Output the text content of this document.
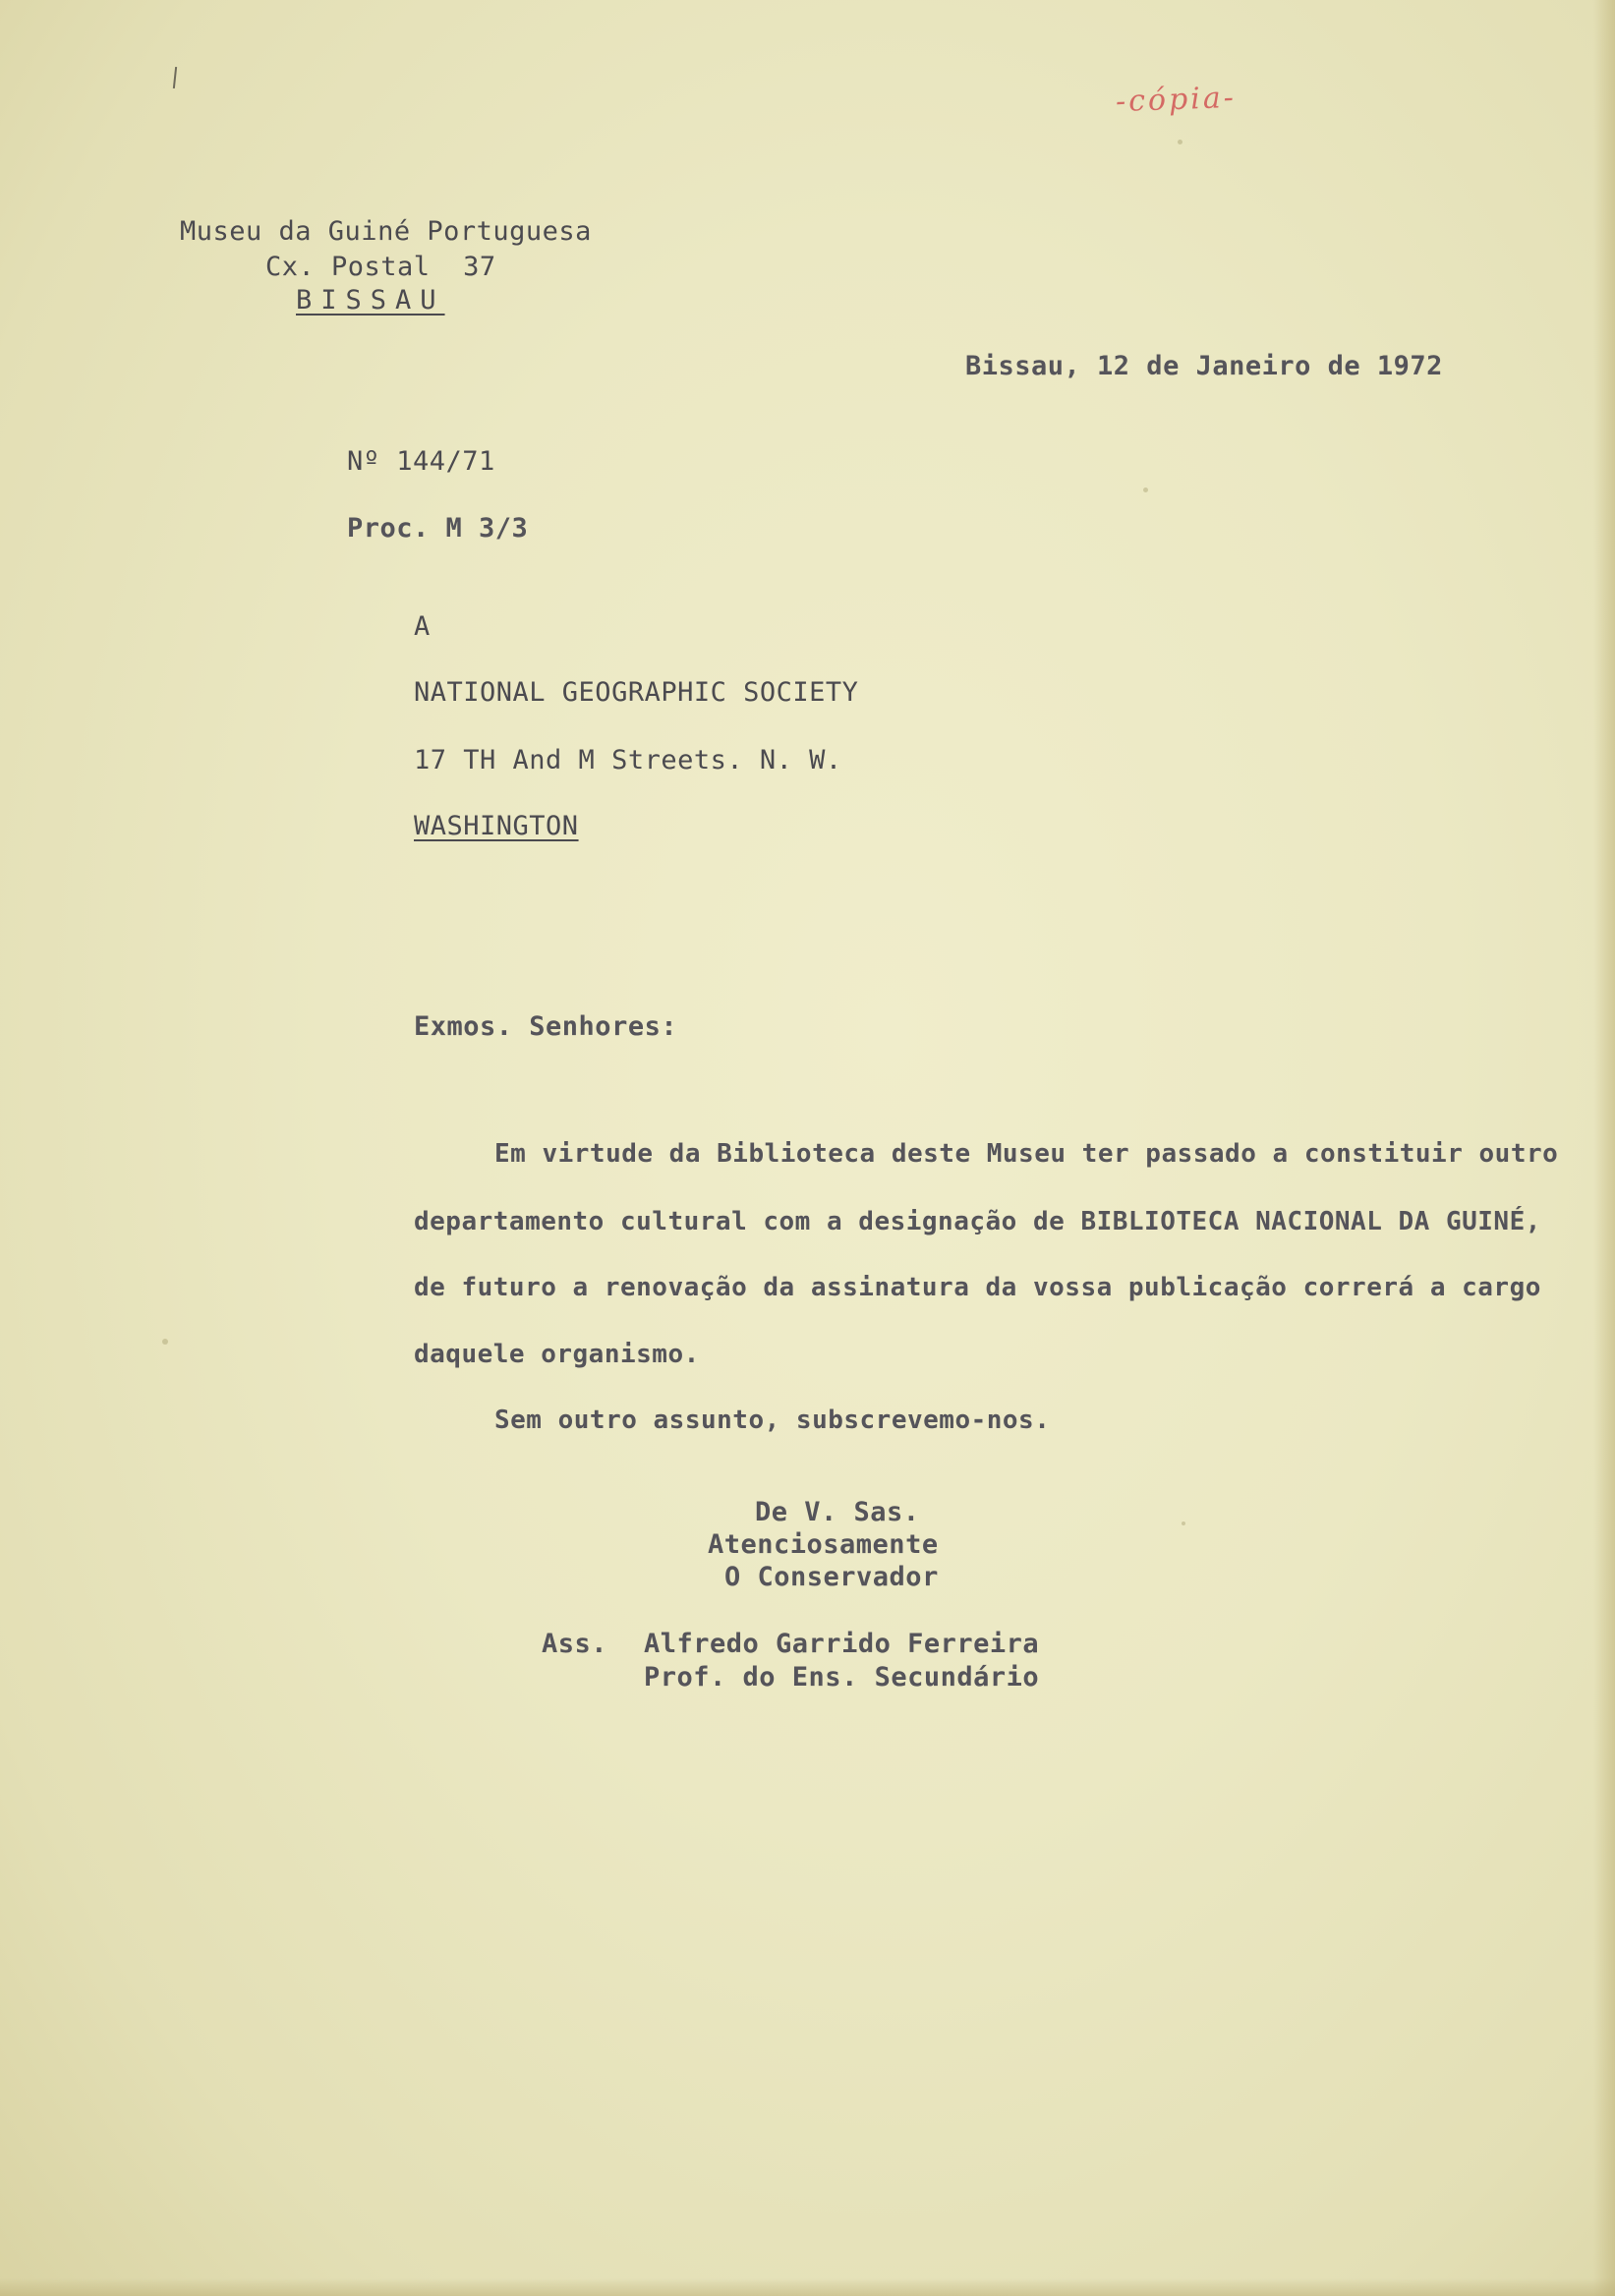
-cópia-
Museu da Guiné Portuguesa
Cx. Postal  37
BISSAU
Bissau, 12 de Janeiro de 1972
Nº 144/71
Proc. M 3/3
A
NATIONAL GEOGRAPHIC SOCIETY
17 TH And M Streets. N. W.
WASHINGTON
Exmos. Senhores:
Em virtude da Biblioteca deste Museu ter passado a constituir outro
departamento cultural com a designação de BIBLIOTECA NACIONAL DA GUINÉ,
de futuro a renovação da assinatura da vossa publicação correrá a cargo
daquele organismo.
Sem outro assunto, subscrevemo-nos.
De V. Sas.
Atenciosamente
O Conservador
Ass. Alfredo Garrido Ferreira
Prof. do Ens. Secundário
